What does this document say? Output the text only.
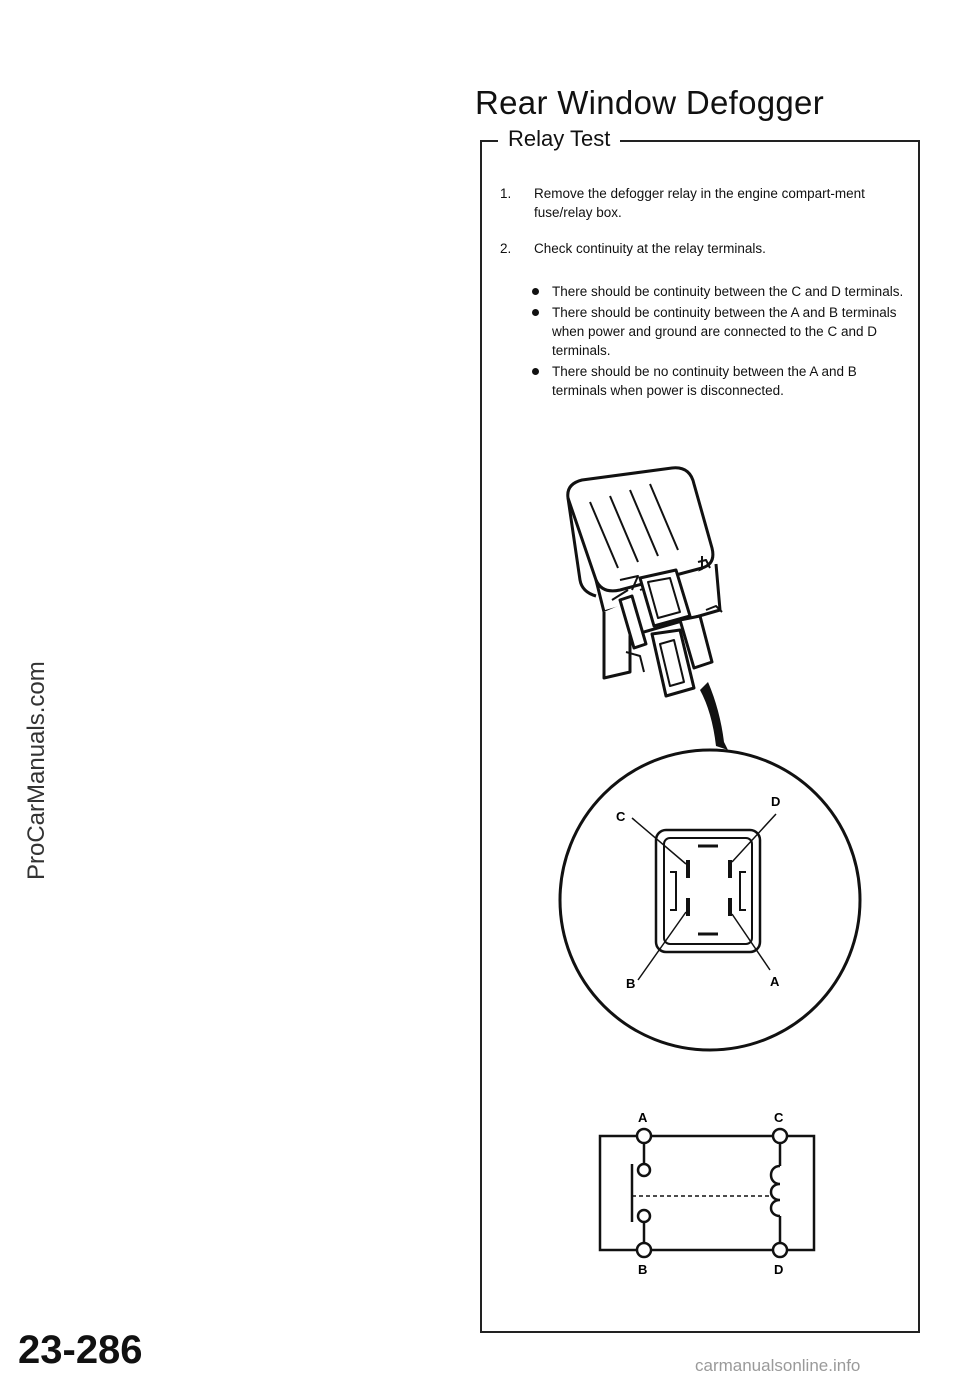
Rear Window Defogger
Relay Test
1. Remove the defogger relay in the engine compart-ment fuse/relay box.
2. Check continuity at the relay terminals.
There should be continuity between the C and D terminals.
There should be continuity between the A and B terminals when power and ground are connected to the C and D terminals.
There should be no continuity between the A and B terminals when power is disconnected.
C
D
B	A
A	C
B	D
ProCarManuals.com
23-286	carmanualsonline.info
